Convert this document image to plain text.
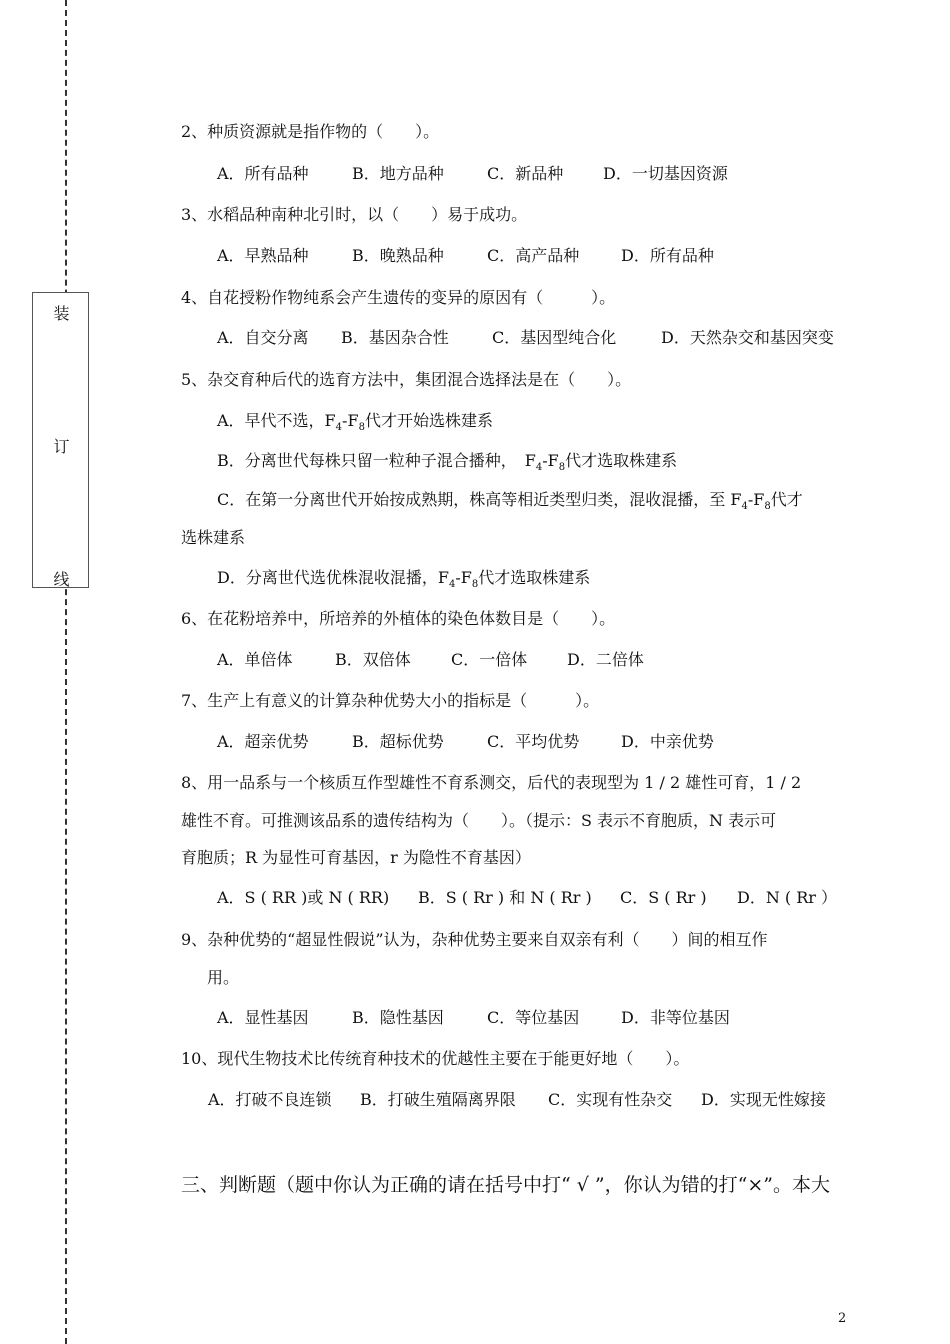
装
订
线
2、种质资源就是指作物的（　　）。
A．所有品种	B．地方品种	C．新品种 D．一切基因资源
3、水稻品种南种北引时，以（　　）易于成功。
A．早熟品种	B．晚熟品种	C．高产品种	D．所有品种
4、自花授粉作物纯系会产生遗传的变异的原因有（　　　）。
A．自交分离 B．基因杂合性	C．基因型纯合化	D．天然杂交和基因突变
5、杂交育种后代的选育方法中，集团混合选择法是在（　　）。
A．早代不选，$F_4-F_8$代才开始选株建系
B．分离世代每株只留一粒种子混合播种，　$F_4-F_8$代才选取株建系
C．在第一分离世代开始按成熟期，株高等相近类型归类，混收混播，至 $F_4-F_8$代才
选株建系
D．分离世代选优株混收混播，$F_4-F_8$代才选取株建系
6、在花粉培养中，所培养的外植体的染色体数目是（　　）。
A．单倍体	B．双倍体	C．一倍体 D．二倍体
7、生产上有意义的计算杂种优势大小的指标是（　　　）。
A．超亲优势	B．超标优势	C．平均优势	D．中亲优势
8、用一品系与一个核质互作型雄性不育系测交，后代的表现型为 1 / 2 雄性可育，1 / 2
雄性不育。可推测该品系的遗传结构为（　　）。（提示：S 表示不育胞质，N 表示可
育胞质；R 为显性可育基因，r 为隐性不育基因）
A．S ( RR )或 N ( RR) B．S ( Rr ) 和 N ( Rr ) C．S ( Rr ) D．N ( Rr ）
9、杂种优势的“超显性假说”认为，杂种优势主要来自双亲有利（　　）间的相互作
用。
A．显性基因	B．隐性基因	C．等位基因	D．非等位基因
10、现代生物技术比传统育种技术的优越性主要在于能更好地（　　）。
A．打破不良连锁 B．打破生殖隔离界限 C．实现有性杂交 D．实现无性嫁接
三、判断题（题中你认为正确的请在括号中打“ √ ”，你认为错的打“×”。本大
2
